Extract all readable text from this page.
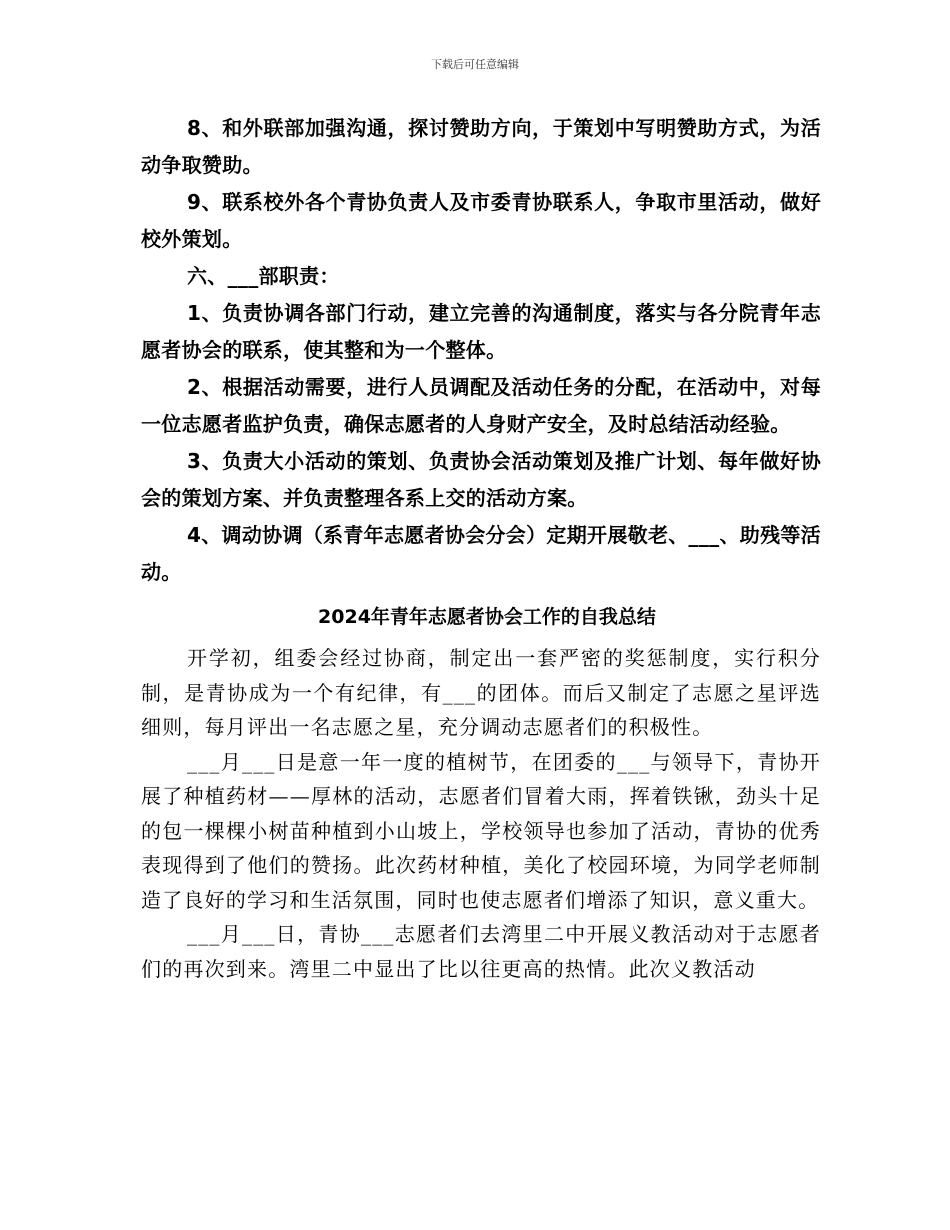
下载后可任意编辑

8、和外联部加强沟通，探讨赞助方向，于策划中写明赞助方式，为活动争取赞助。

9、联系校外各个青协负责人及市委青协联系人，争取市里活动，做好校外策划。

六、___部职责：

1、负责协调各部门行动，建立完善的沟通制度，落实与各分院青年志愿者协会的联系，使其整和为一个整体。

2、根据活动需要，进行人员调配及活动任务的分配，在活动中，对每一位志愿者监护负责，确保志愿者的人身财产安全，及时总结活动经验。

3、负责大小活动的策划、负责协会活动策划及推广计划、每年做好协会的策划方案、并负责整理各系上交的活动方案。

4、调动协调（系青年志愿者协会分会）定期开展敬老、___、助残等活动。

2024年青年志愿者协会工作的自我总结

开学初，组委会经过协商，制定出一套严密的奖惩制度，实行积分制，是青协成为一个有纪律，有___的团体。而后又制定了志愿之星评选细则，每月评出一名志愿之星，充分调动志愿者们的积极性。

___月___日是意一年一度的植树节，在团委的___与领导下，青协开展了种植药材——厚林的活动，志愿者们冒着大雨，挥着铁锹，劲头十足的包一棵棵小树苗种植到小山坡上，学校领导也参加了活动，青协的优秀表现得到了他们的赞扬。此次药材种植，美化了校园环境，为同学老师制造了良好的学习和生活氛围，同时也使志愿者们增添了知识，意义重大。

___月___日，青协___志愿者们去湾里二中开展义教活动对于志愿者们的再次到来。湾里二中显出了比以往更高的热情。此次义教活动
